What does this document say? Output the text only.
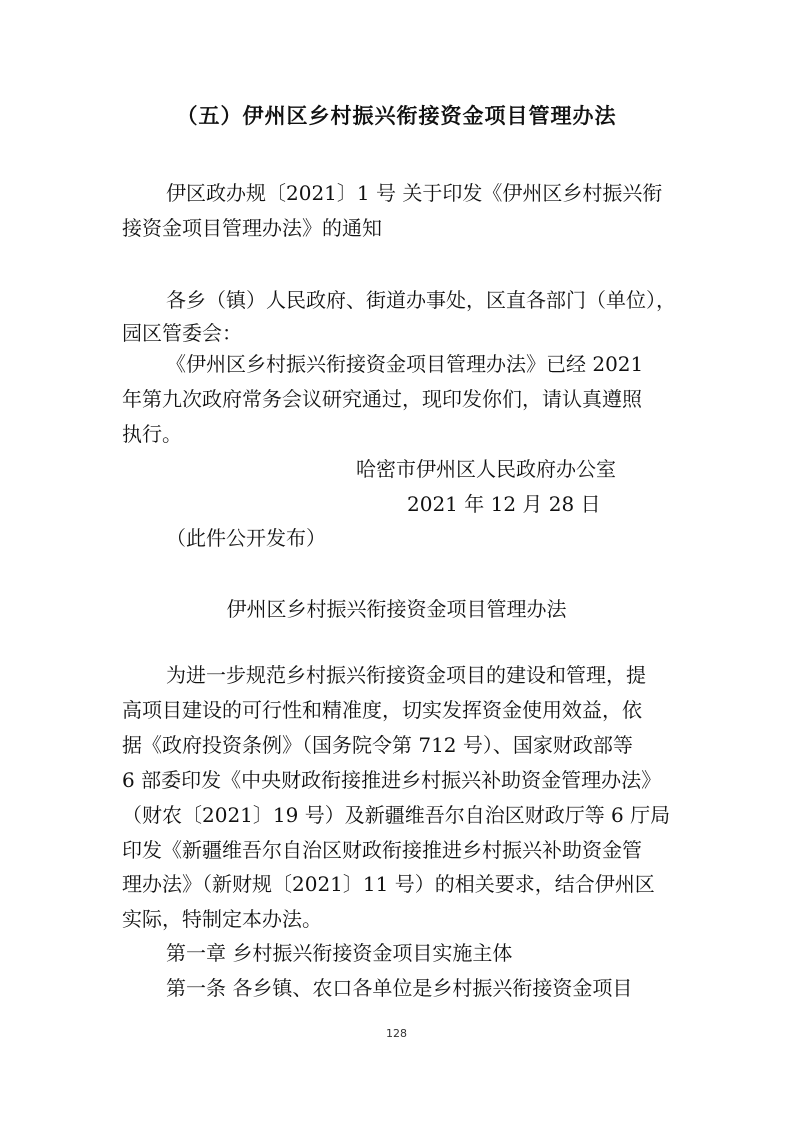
（五）伊州区乡村振兴衔接资金项目管理办法
伊区政办规〔2021〕1 号 关于印发《伊州区乡村振兴衔
接资金项目管理办法》的通知
各乡（镇）人民政府、街道办事处，区直各部门（单位），
园区管委会：
《伊州区乡村振兴衔接资金项目管理办法》已经 2021
年第九次政府常务会议研究通过，现印发你们，请认真遵照
执行。
哈密市伊州区人民政府办公室
2021 年 12 月 28 日
（此件公开发布）
伊州区乡村振兴衔接资金项目管理办法
为进一步规范乡村振兴衔接资金项目的建设和管理，提
高项目建设的可行性和精准度，切实发挥资金使用效益，依
据《政府投资条例》（国务院令第 712 号）、国家财政部等
6 部委印发《中央财政衔接推进乡村振兴补助资金管理办法》
（财农〔2021〕19 号）及新疆维吾尔自治区财政厅等 6 厅局
印发《新疆维吾尔自治区财政衔接推进乡村振兴补助资金管
理办法》（新财规〔2021〕11 号）的相关要求，结合伊州区
实际，特制定本办法。
第一章 乡村振兴衔接资金项目实施主体
第一条 各乡镇、农口各单位是乡村振兴衔接资金项目
128
